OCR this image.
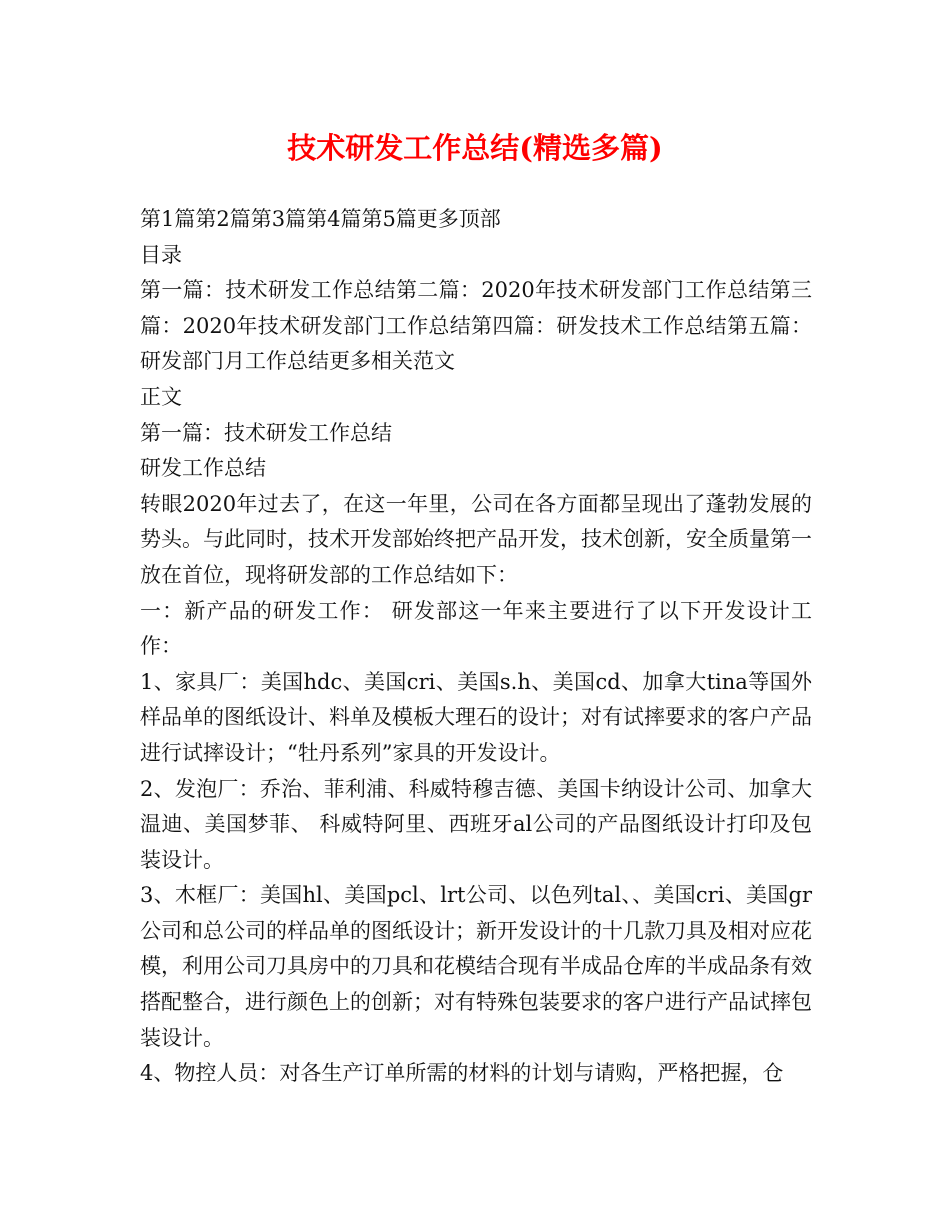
技术研发工作总结(精选多篇)

第1篇第2篇第3篇第4篇第5篇更多顶部

目录

第一篇：技术研发工作总结第二篇：2020年技术研发部门工作总结第三篇：2020年技术研发部门工作总结第四篇：研发技术工作总结第五篇：研发部门月工作总结更多相关范文

正文

第一篇：技术研发工作总结

研发工作总结

转眼2020年过去了，在这一年里，公司在各方面都呈现出了蓬勃发展的势头。与此同时，技术开发部始终把产品开发，技术创新，安全质量第一放在首位，现将研发部的工作总结如下：

一：新产品的研发工作： 研发部这一年来主要进行了以下开发设计工作：

1、家具厂：美国hdc、美国cri、美国s.h、美国cd、加拿大tina等国外样品单的图纸设计、料单及模板大理石的设计；对有试摔要求的客户产品进行试摔设计；“牡丹系列”家具的开发设计。

2、发泡厂：乔治、菲利浦、科威特穆吉德、美国卡纳设计公司、加拿大温迪、美国梦菲、 科威特阿里、西班牙al公司的产品图纸设计打印及包装设计。

3、木框厂：美国hl、美国pcl、lrt公司、以色列tal、、美国cri、美国gr公司和总公司的样品单的图纸设计；新开发设计的十几款刀具及相对应花模，利用公司刀具房中的刀具和花模结合现有半成品仓库的半成品条有效搭配整合，进行颜色上的创新；对有特殊包装要求的客户进行产品试摔包装设计。

4、物控人员：对各生产订单所需的材料的计划与请购，严格把握，仓
